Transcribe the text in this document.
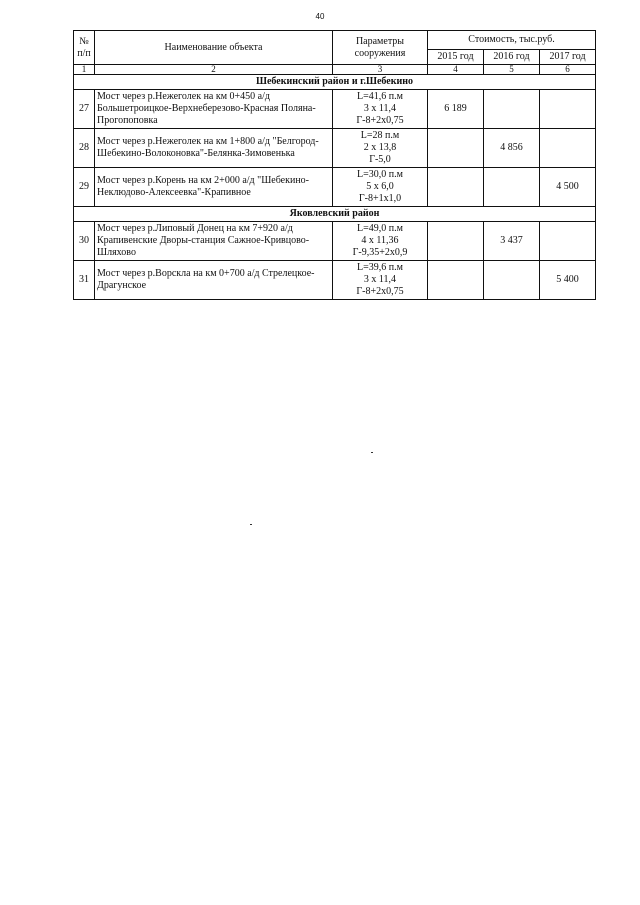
40
№ п/п	Наименование объекта	Параметры сооружения	Стоимость, тыс.руб.		
			2015 год	2016 год	2017 год
1	2	3	4	5	6
Шебекинский район и г.Шебекино					
27	Мост через р.Нежеголек на км 0+450 а/д Большетроицкое-Верхнеберезово-Красная Поляна-Прогопоповка	L=41,6 п.м
3 х 11,4
Г-8+2х0,75	6 189		
28	Мост через р.Нежеголек на км 1+800 а/д "Белгород-Шебекино-Волоконовка"-Белянка-Зимовенька	L=28 п.м
2 х 13,8
Г-5,0		4 856	
29	Мост через р.Корень на км 2+000 а/д "Шебекино-Неклюдово-Алексеевка"-Крапивное	L=30,0 п.м
5 х 6,0
Г-8+1х1,0			4 500
Яковлевский район					
30	Мост через р.Липовый Донец на км 7+920 а/д Крапивенские Дворы-станция Сажное-Кривцово- Шляхово	L=49,0 п.м
4 х 11,36
Г-9,35+2х0,9		3 437	
31	Мост через р.Ворскла на км 0+700 а/д Стрелецкое-Драгунское	L=39,6 п.м
3 х 11,4
Г-8+2х0,75			5 400
